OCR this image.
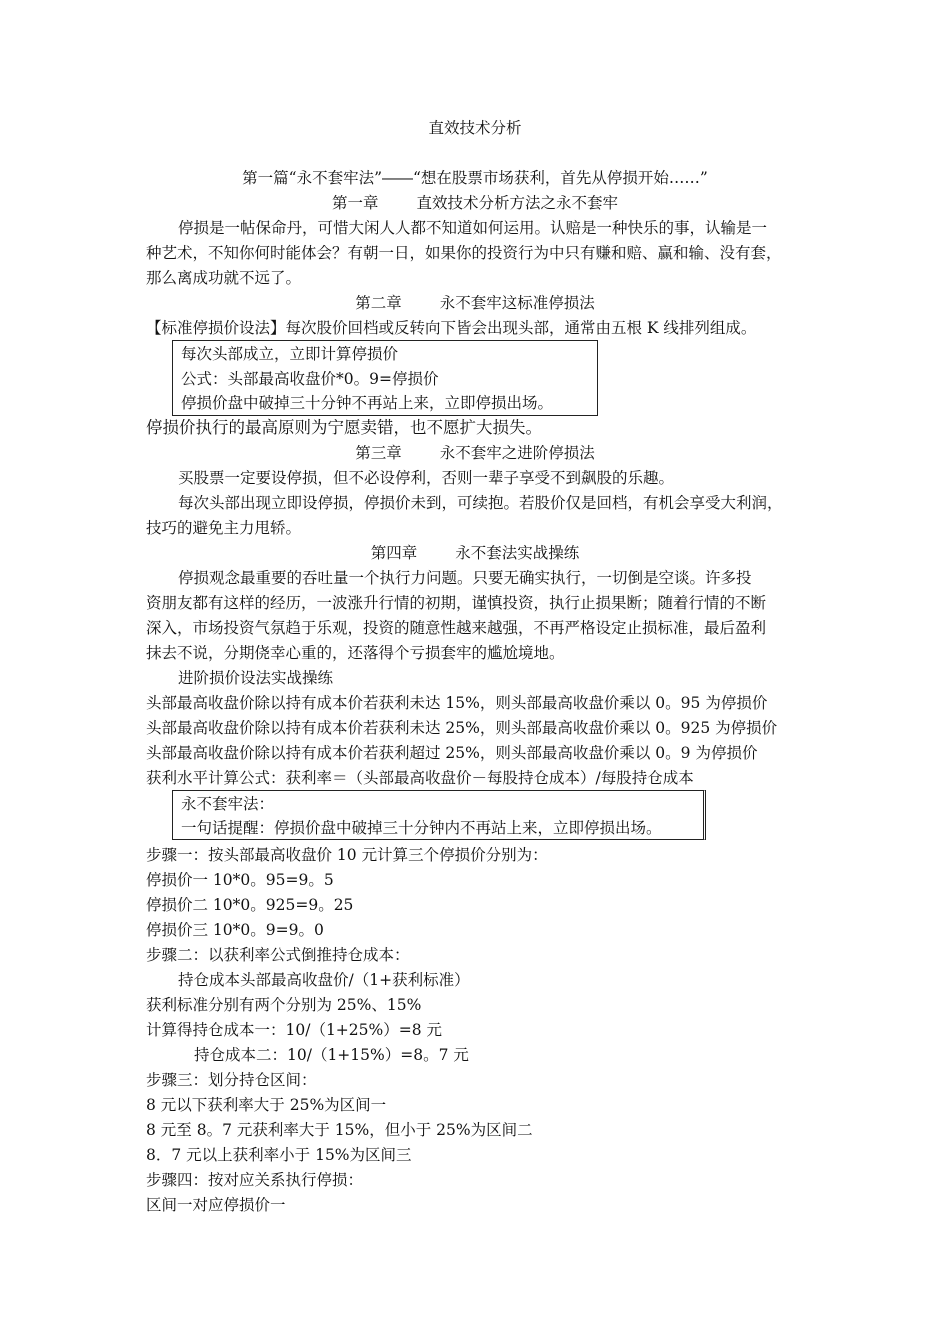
直效技术分析
第一篇“永不套牢法”――“想在股票市场获利，首先从停损开始……”
第一章 直效技术分析方法之永不套牢
停损是一帖保命丹，可惜大闲人人都不知道如何运用。认赔是一种快乐的事，认输是一
种艺术，不知你何时能体会？有朝一日，如果你的投资行为中只有赚和赔、赢和输、没有套，
那么离成功就不远了。
第二章 永不套牢这标准停损法
【标准停损价设法】每次股价回档或反转向下皆会出现头部，通常由五根 K 线排列组成。
每次头部成立，立即计算停损价
公式：头部最高收盘价*0。9=停损价
停损价盘中破掉三十分钟不再站上来，立即停损出场。
停损价执行的最高原则为宁愿卖错，也不愿扩大损失。
第三章 永不套牢之进阶停损法
买股票一定要设停损，但不必设停利，否则一辈子享受不到飙股的乐趣。
每次头部出现立即设停损，停损价未到，可续抱。若股价仅是回档，有机会享受大利润，
技巧的避免主力甩轿。
第四章 永不套法实战操练
停损观念最重要的吞吐量一个执行力问题。只要无确实执行，一切倒是空谈。许多投
资朋友都有这样的经历，一波涨升行情的初期，谨慎投资，执行止损果断；随着行情的不断
深入，市场投资气氛趋于乐观，投资的随意性越来越强，不再严格设定止损标准，最后盈利
抹去不说，分期侥幸心重的，还落得个亏损套牢的尴尬境地。
进阶损价设法实战操练
头部最高收盘价除以持有成本价若获利未达 15%，则头部最高收盘价乘以 0。95 为停损价
头部最高收盘价除以持有成本价若获利未达 25%，则头部最高收盘价乘以 0。925 为停损价
头部最高收盘价除以持有成本价若获利超过 25%，则头部最高收盘价乘以 0。9 为停损价
获利水平计算公式：获利率＝（头部最高收盘价－每股持仓成本）/每股持仓成本
永不套牢法：
一句话提醒：停损价盘中破掉三十分钟内不再站上来，立即停损出场。
步骤一：按头部最高收盘价 10 元计算三个停损价分别为：
停损价一 10*0。95=9。5
停损价二 10*0。925=9。25
停损价三 10*0。9=9。0
步骤二：以获利率公式倒推持仓成本：
持仓成本头部最高收盘价/（1+获利标准）
获利标准分别有两个分别为 25%、15%
计算得持仓成本一：10/（1+25%）=8 元
持仓成本二：10/（1+15%）=8。7 元
步骤三：划分持仓区间：
8 元以下获利率大于 25%为区间一
8 元至 8。7 元获利率大于 15%，但小于 25%为区间二
8．7 元以上获利率小于 15%为区间三
步骤四：按对应关系执行停损：
区间一对应停损价一
